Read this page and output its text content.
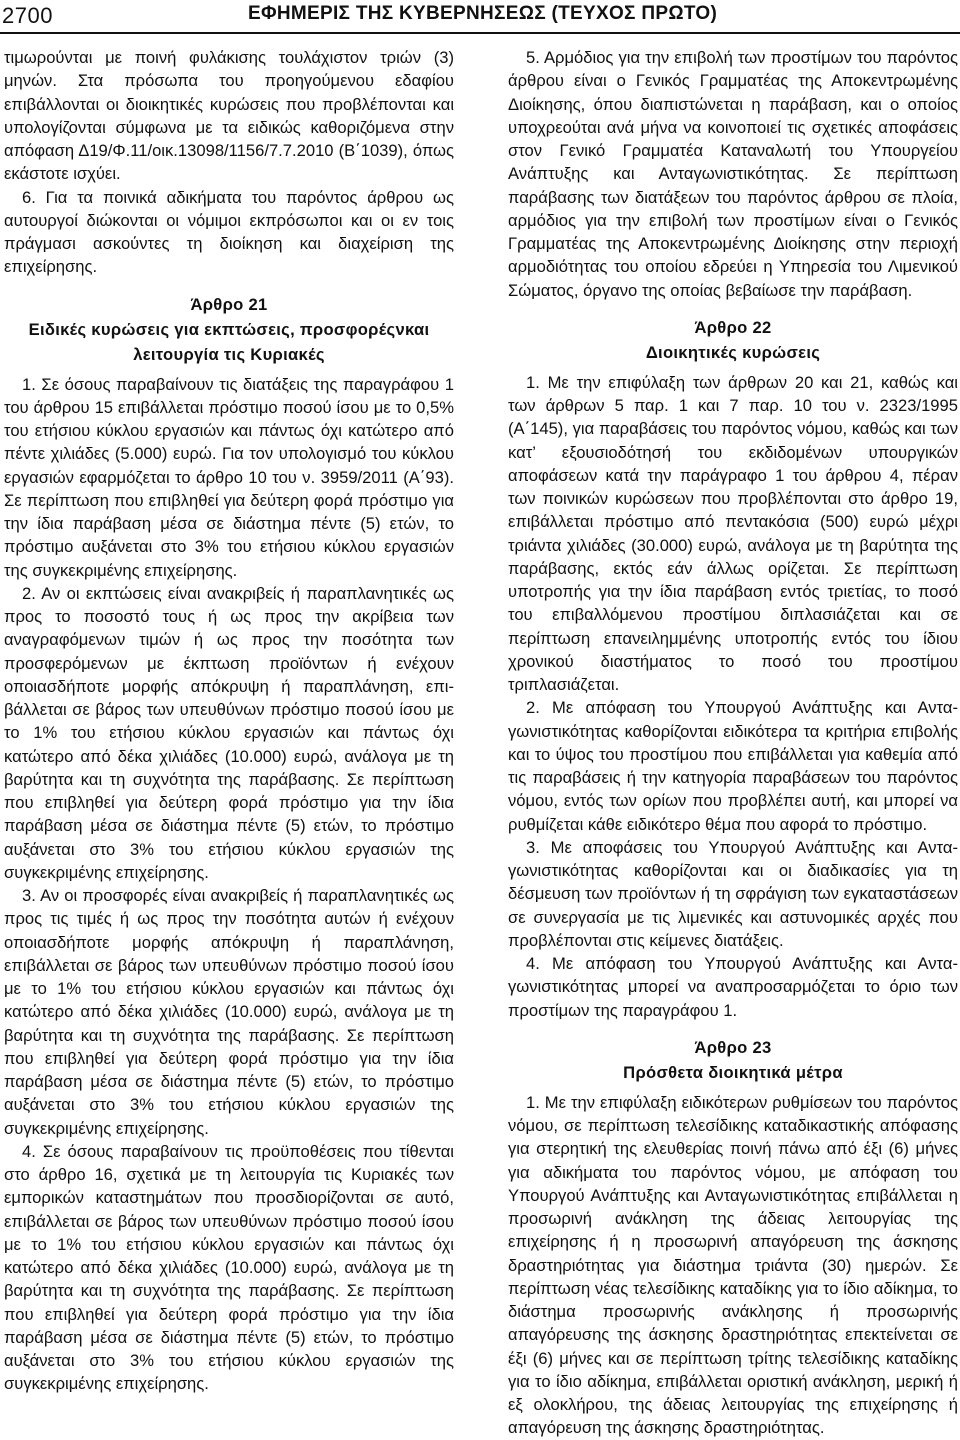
2700	ΕΦΗΜΕΡΙΣ ΤΗΣ ΚΥΒΕΡΝΗΣΕΩΣ (ΤΕΥΧΟΣ ΠΡΩΤΟ)

τιμωρούνται με ποινή φυλάκισης τουλάχιστον τριών (3) μηνών. Στα πρόσωπα του προηγούμενου εδαφίου επιβάλλονται οι διοικητικές κυρώσεις που προβλέπονται και υπολογίζονται σύμφωνα με τα ειδικώς καθοριζόμενα στην απόφαση Δ19/Φ.11/οικ.13098/1156/7.7.2010 (Β΄1039), όπως εκάστοτε ισχύει.

6. Για τα ποινικά αδικήματα του παρόντος άρθρου ως αυτουργοί διώκονται οι νόμιμοι εκπρόσωποι και οι εν τοις πράγμασι ασκούντες τη διοίκηση και διαχείριση της επιχείρησης.

Άρθρο 21
Ειδικές κυρώσεις για εκπτώσεις, προσφορέςνκαι λειτουργία τις Κυριακές

1. Σε όσους παραβαίνουν τις διατάξεις της παραγράφου 1 του άρθρου 15 επιβάλλεται πρόστιμο ποσού ίσου με το 0,5% του ετήσιου κύκλου εργασιών και πάντως όχι κατώτερο από πέντε χιλιάδες (5.000) ευρώ. Για τον υπολογισμό του κύκλου εργασιών εφαρμόζεται το άρθρο 10 του ν. 3959/2011 (Α΄93). Σε περίπτωση που επιβληθεί για δεύτερη φορά πρόστιμο για την ίδια παράβαση μέσα σε διάστημα πέντε (5) ετών, το πρόστιμο αυξάνεται στο 3% του ετήσιου κύκλου εργασιών της συγκεκριμένης επιχείρησης.

2. Αν οι εκπτώσεις είναι ανακριβείς ή παραπλανητικές ως προς το ποσοστό τους ή ως προς την ακρίβεια των αναγραφόμενων τιμών ή ως προς την ποσότητα των προσφερόμενων με έκπτωση προϊόντων ή ενέχουν οποιασδήποτε μορφής απόκρυψη ή παραπλάνηση, επιβάλλεται σε βάρος των υπευθύνων πρόστιμο ποσού ίσου με το 1% του ετήσιου κύκλου εργασιών και πάντως όχι κατώτερο από δέκα χιλιάδες (10.000) ευρώ, ανάλογα με τη βαρύτητα και τη συχνότητα της παράβασης. Σε περίπτωση που επιβληθεί για δεύτερη φορά πρόστιμο για την ίδια παράβαση μέσα σε διάστημα πέντε (5) ετών, το πρόστιμο αυξάνεται στο 3% του ετήσιου κύκλου εργασιών της συγκεκριμένης επιχείρησης.

3. Αν οι προσφορές είναι ανακριβείς ή παραπλανητικές ως προς τις τιμές ή ως προς την ποσότητα αυτών ή ενέχουν οποιασδήποτε μορφής απόκρυψη ή παραπλάνηση, επιβάλλεται σε βάρος των υπευθύνων πρόστιμο ποσού ίσου με το 1% του ετήσιου κύκλου εργασιών και πάντως όχι κατώτερο από δέκα χιλιάδες (10.000) ευρώ, ανάλογα με τη βαρύτητα και τη συχνότητα της παράβασης. Σε περίπτωση που επιβληθεί για δεύτερη φορά πρόστιμο για την ίδια παράβαση μέσα σε διάστημα πέντε (5) ετών, το πρόστιμο αυξάνεται στο 3% του ετήσιου κύκλου εργασιών της συγκεκριμένης επιχείρησης.

4. Σε όσους παραβαίνουν τις προϋποθέσεις που τίθενται στο άρθρο 16, σχετικά με τη λειτουργία τις Κυριακές των εμπορικών καταστημάτων που προσδιορίζονται σε αυτό, επιβάλλεται σε βάρος των υπευθύνων πρόστιμο ποσού ίσου με το 1% του ετήσιου κύκλου εργασιών και πάντως όχι κατώτερο από δέκα χιλιάδες (10.000) ευρώ, ανάλογα με τη βαρύτητα και τη συχνότητα της παράβασης. Σε περίπτωση που επιβληθεί για δεύτερη φορά πρόστιμο για την ίδια παράβαση μέσα σε διάστημα πέντε (5) ετών, το πρόστιμο αυξάνεται στο 3% του ετήσιου κύκλου εργασιών της συγκεκριμένης επιχείρησης.

5. Αρμόδιος για την επιβολή των προστίμων του παρόντος άρθρου είναι ο Γενικός Γραμματέας της Αποκεντρωμένης Διοίκησης, όπου διαπιστώνεται η παράβαση, και ο οποίος υποχρεούται ανά μήνα να κοινοποιεί τις σχετικές αποφάσεις στον Γενικό Γραμματέα Καταναλωτή του Υπουργείου Ανάπτυξης και Ανταγωνιστικότητας. Σε περίπτωση παράβασης των διατάξεων του παρόντος άρθρου σε πλοία, αρμόδιος για την επιβολή των προστίμων είναι ο Γενικός Γραμματέας της Αποκεντρωμένης Διοίκησης στην περιοχή αρμοδιότητας του οποίου εδρεύει η Υπηρεσία του Λιμενικού Σώματος, όργανο της οποίας βεβαίωσε την παράβαση.

Άρθρο 22
Διοικητικές κυρώσεις

1. Με την επιφύλαξη των άρθρων 20 και 21, καθώς και των άρθρων 5 παρ. 1 και 7 παρ. 10 του ν. 2323/1995 (Α΄145), για παραβάσεις του παρόντος νόμου, καθώς και των κατ’ εξουσιοδότησή του εκδιδομένων υπουργικών αποφάσεων κατά την παράγραφο 1 του άρθρου 4, πέραν των ποινικών κυρώσεων που προβλέπονται στο άρθρο 19, επιβάλλεται πρόστιμο από πεντακόσια (500) ευρώ μέχρι τριάντα χιλιάδες (30.000) ευρώ, ανάλογα με τη βαρύτητα της παράβασης, εκτός εάν άλλως ορίζεται. Σε περίπτωση υποτροπής για την ίδια παράβαση εντός τριετίας, το ποσό του επιβαλλόμενου προστίμου διπλασιάζεται και σε περίπτωση επανειλημμένης υποτροπής εντός του ίδιου χρονικού διαστήματος το ποσό του προστίμου τριπλασιάζεται.

2. Με απόφαση του Υπουργού Ανάπτυξης και Ανταγωνιστικότητας καθορίζονται ειδικότερα τα κριτήρια επιβολής και το ύψος του προστίμου που επιβάλλεται για καθεμία από τις παραβάσεις ή την κατηγορία παραβάσεων του παρόντος νόμου, εντός των ορίων που προβλέπει αυτή, και μπορεί να ρυθμίζεται κάθε ειδικότερο θέμα που αφορά το πρόστιμο.

3. Με αποφάσεις του Υπουργού Ανάπτυξης και Ανταγωνιστικότητας καθορίζονται και οι διαδικασίες για τη δέσμευση των προϊόντων ή τη σφράγιση των εγκαταστάσεων σε συνεργασία με τις λιμενικές και αστυνομικές αρχές που προβλέπονται στις κείμενες διατάξεις.

4. Με απόφαση του Υπουργού Ανάπτυξης και Ανταγωνιστικότητας μπορεί να αναπροσαρμόζεται το όριο των προστίμων της παραγράφου 1.

Άρθρο 23
Πρόσθετα διοικητικά μέτρα

1. Με την επιφύλαξη ειδικότερων ρυθμίσεων του παρόντος νόμου, σε περίπτωση τελεσίδικης καταδικαστικής απόφασης για στερητική της ελευθερίας ποινή πάνω από έξι (6) μήνες για αδικήματα του παρόντος νόμου, με απόφαση του Υπουργού Ανάπτυξης και Ανταγωνιστικότητας επιβάλλεται η προσωρινή ανάκληση της άδειας λειτουργίας της επιχείρησης ή η προσωρινή απαγόρευση της άσκησης δραστηριότητας για διάστημα τριάντα (30) ημερών. Σε περίπτωση νέας τελεσίδικης καταδίκης για το ίδιο αδίκημα, το διάστημα προσωρινής ανάκλησης ή προσωρινής απαγόρευσης της άσκησης δραστηριότητας επεκτείνεται σε έξι (6) μήνες και σε περίπτωση τρίτης τελεσίδικης καταδίκης για το ίδιο αδίκημα, επιβάλλεται οριστική ανάκληση, μερική ή εξ ολοκλήρου, της άδειας λειτουργίας της επιχείρησης ή απαγόρευση της άσκησης δραστηριότητας.
